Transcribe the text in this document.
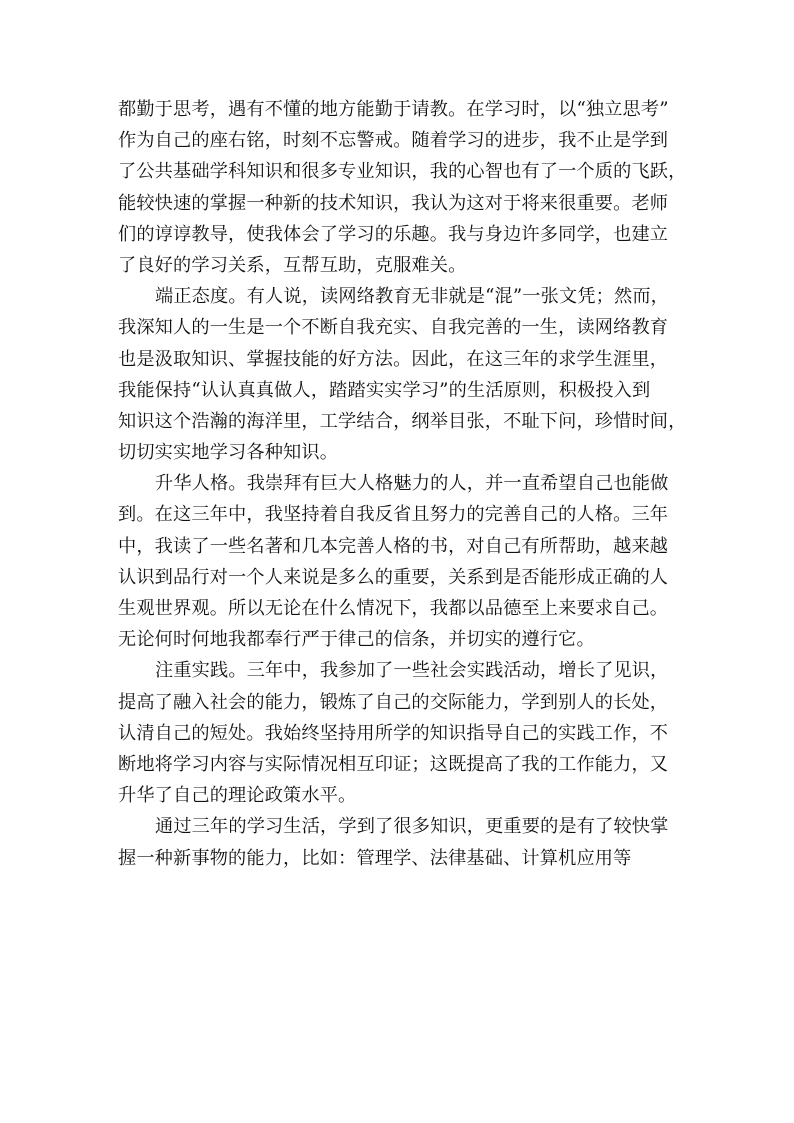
都勤于思考，遇有不懂的地方能勤于请教。在学习时，以“独立思考”
作为自己的座右铭，时刻不忘警戒。随着学习的进步，我不止是学到
了公共基础学科知识和很多专业知识，我的心智也有了一个质的飞跃，
能较快速的掌握一种新的技术知识，我认为这对于将来很重要。老师
们的谆谆教导，使我体会了学习的乐趣。我与身边许多同学，也建立
了良好的学习关系，互帮互助，克服难关。
端正态度。有人说，读网络教育无非就是“混”一张文凭；然而，
我深知人的一生是一个不断自我充实、自我完善的一生，读网络教育
也是汲取知识、掌握技能的好方法。因此，在这三年的求学生涯里，
我能保持“认认真真做人，踏踏实实学习”的生活原则，积极投入到
知识这个浩瀚的海洋里，工学结合，纲举目张，不耻下问，珍惜时间，
切切实实地学习各种知识。
升华人格。我崇拜有巨大人格魅力的人，并一直希望自己也能做
到。在这三年中，我坚持着自我反省且努力的完善自己的人格。三年
中，我读了一些名著和几本完善人格的书，对自己有所帮助，越来越
认识到品行对一个人来说是多么的重要，关系到是否能形成正确的人
生观世界观。所以无论在什么情况下，我都以品德至上来要求自己。
无论何时何地我都奉行严于律己的信条，并切实的遵行它。
注重实践。三年中，我参加了一些社会实践活动，增长了见识，
提高了融入社会的能力，锻炼了自己的交际能力，学到别人的长处，
认清自己的短处。我始终坚持用所学的知识指导自己的实践工作，不
断地将学习内容与实际情况相互印证；这既提高了我的工作能力，又
升华了自己的理论政策水平。
通过三年的学习生活，学到了很多知识，更重要的是有了较快掌
握一种新事物的能力，比如：管理学、法律基础、计算机应用等
